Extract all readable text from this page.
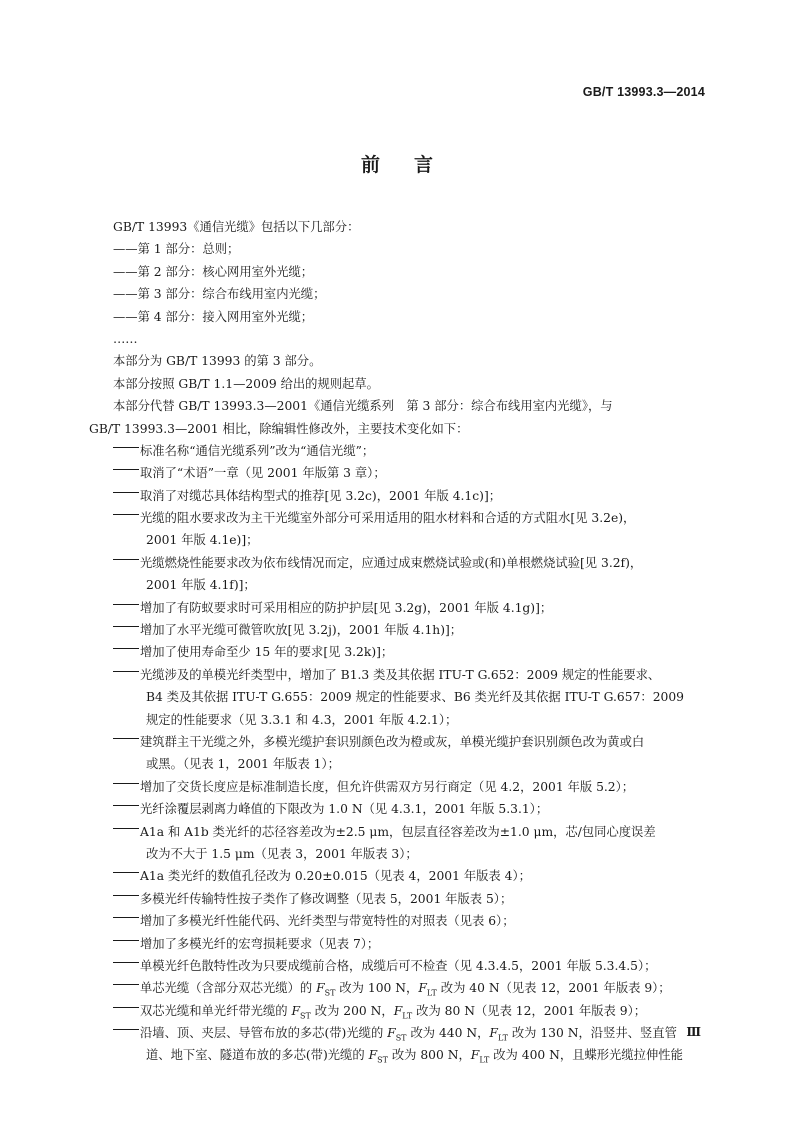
GB/T 13993.3—2014
前 言
GB/T 13993《通信光缆》包括以下几部分：
——第 1 部分：总则；
——第 2 部分：核心网用室外光缆；
——第 3 部分：综合布线用室内光缆；
——第 4 部分：接入网用室外光缆；
……
本部分为 GB/T 13993 的第 3 部分。
本部分按照 GB/T 1.1—2009 给出的规则起草。
本部分代替 GB/T 13993.3—2001《通信光缆系列　第 3 部分：综合布线用室内光缆》，与
GB/T 13993.3—2001 相比，除编辑性修改外，主要技术变化如下：
标准名称“通信光缆系列”改为“通信光缆”；
取消了“术语”一章（见 2001 年版第 3 章）；
取消了对缆芯具体结构型式的推荐[见 3.2c)，2001 年版 4.1c)]；
光缆的阻水要求改为主干光缆室外部分可采用适用的阻水材料和合适的方式阻水[见 3.2e)，
2001 年版 4.1e)]；
光缆燃烧性能要求改为依布线情况而定，应通过成束燃烧试验或(和)单根燃烧试验[见 3.2f)，
2001 年版 4.1f)]；
增加了有防蚁要求时可采用相应的防护护层[见 3.2g)，2001 年版 4.1g)]；
增加了水平光缆可微管吹放[见 3.2j)，2001 年版 4.1h)]；
增加了使用寿命至少 15 年的要求[见 3.2k)]；
光缆涉及的单模光纤类型中，增加了 B1.3 类及其依据 ITU-T G.652：2009 规定的性能要求、
B4 类及其依据 ITU-T G.655：2009 规定的性能要求、B6 类光纤及其依据 ITU-T G.657：2009
规定的性能要求（见 3.3.1 和 4.3，2001 年版 4.2.1）；
建筑群主干光缆之外，多模光缆护套识别颜色改为橙或灰，单模光缆护套识别颜色改为黄或白
或黑。（见表 1，2001 年版表 1）；
增加了交货长度应是标准制造长度，但允许供需双方另行商定（见 4.2，2001 年版 5.2）；
光纤涂覆层剥离力峰值的下限改为 1.0 N（见 4.3.1，2001 年版 5.3.1）；
A1a 和 A1b 类光纤的芯径容差改为±2.5 μm，包层直径容差改为±1.0 μm，芯/包同心度误差
改为不大于 1.5 μm（见表 3，2001 年版表 3）；
A1a 类光纤的数值孔径改为 0.20±0.015（见表 4，2001 年版表 4）；
多模光纤传输特性按子类作了修改调整（见表 5，2001 年版表 5）；
增加了多模光纤性能代码、光纤类型与带宽特性的对照表（见表 6）；
增加了多模光纤的宏弯损耗要求（见表 7）；
单模光纤色散特性改为只要成缆前合格，成缆后可不检查（见 4.3.4.5，2001 年版 5.3.4.5）；
单芯光缆（含部分双芯光缆）的 $F_{ST}$ 改为 100 N，$F_{LT}$ 改为 40 N（见表 12，2001 年版表 9）；
双芯光缆和单光纤带光缆的 $F_{ST}$ 改为 200 N，$F_{LT}$ 改为 80 N（见表 12，2001 年版表 9）；
沿墙、顶、夹层、导管布放的多芯(带)光缆的 $F_{ST}$ 改为 440 N，$F_{LT}$ 改为 130 N，沿竖井、竖直管
道、地下室、隧道布放的多芯(带)光缆的 $F_{ST}$ 改为 800 N，$F_{LT}$ 改为 400 N，且蝶形光缆拉伸性能
Ⅲ
